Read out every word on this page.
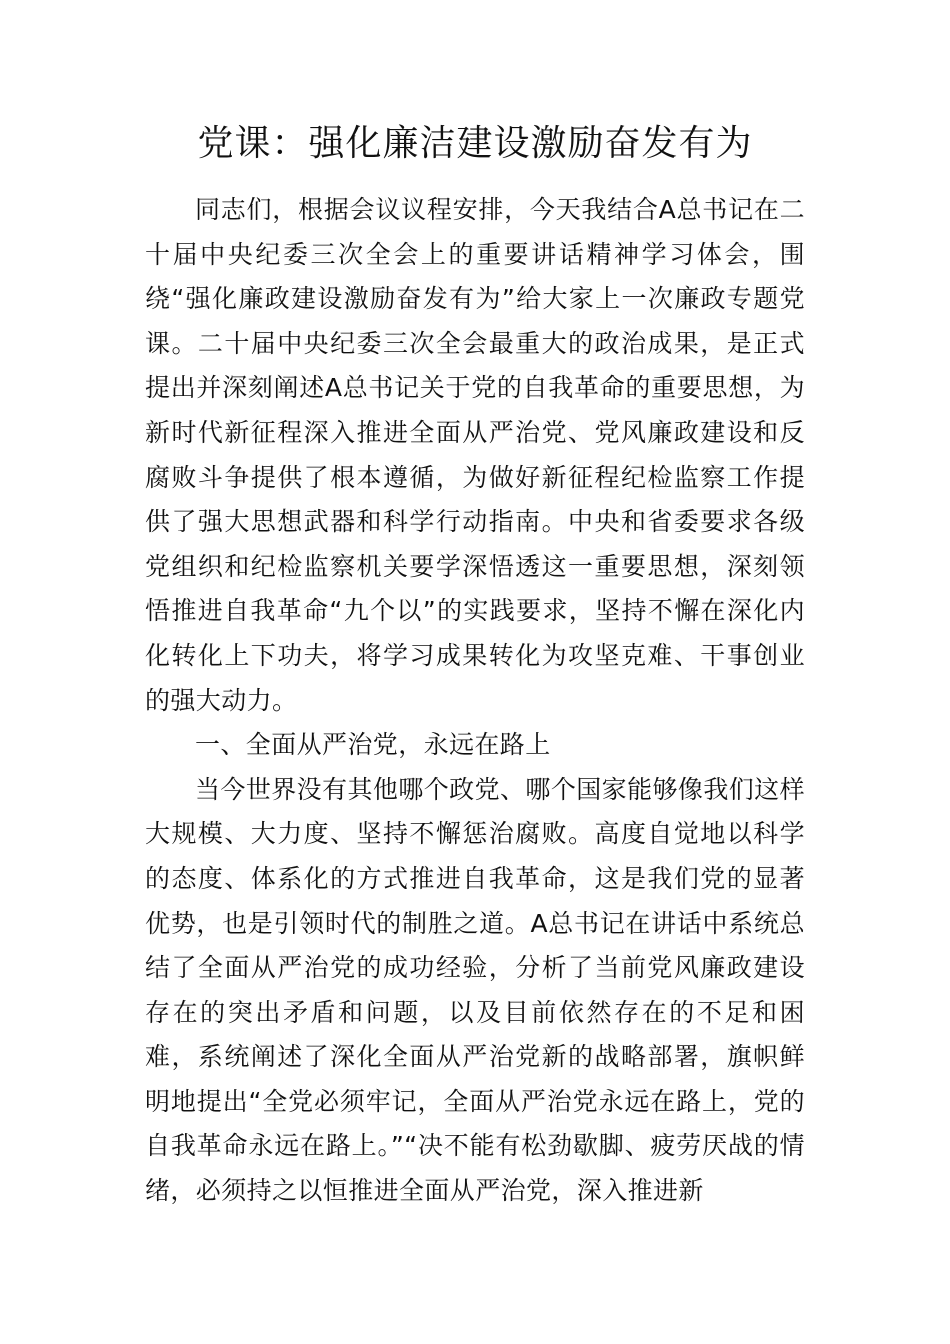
党课：强化廉洁建设激励奋发有为

同志们，根据会议议程安排，今天我结合A总书记在二十届中央纪委三次全会上的重要讲话精神学习体会，围绕“强化廉政建设激励奋发有为”给大家上一次廉政专题党课。二十届中央纪委三次全会最重大的政治成果，是正式提出并深刻阐述A总书记关于党的自我革命的重要思想，为新时代新征程深入推进全面从严治党、党风廉政建设和反腐败斗争提供了根本遵循，为做好新征程纪检监察工作提供了强大思想武器和科学行动指南。中央和省委要求各级党组织和纪检监察机关要学深悟透这一重要思想，深刻领悟推进自我革命“九个以”的实践要求，坚持不懈在深化内化转化上下功夫，将学习成果转化为攻坚克难、干事创业的强大动力。

一、全面从严治党，永远在路上

当今世界没有其他哪个政党、哪个国家能够像我们这样大规模、大力度、坚持不懈惩治腐败。高度自觉地以科学的态度、体系化的方式推进自我革命，这是我们党的显著优势，也是引领时代的制胜之道。A总书记在讲话中系统总结了全面从严治党的成功经验，分析了当前党风廉政建设存在的突出矛盾和问题，以及目前依然存在的不足和困难，系统阐述了深化全面从严治党新的战略部署，旗帜鲜明地提出“全党必须牢记，全面从严治党永远在路上，党的自我革命永远在路上。”“决不能有松劲歇脚、疲劳厌战的情绪，必须持之以恒推进全面从严治党，深入推进新
